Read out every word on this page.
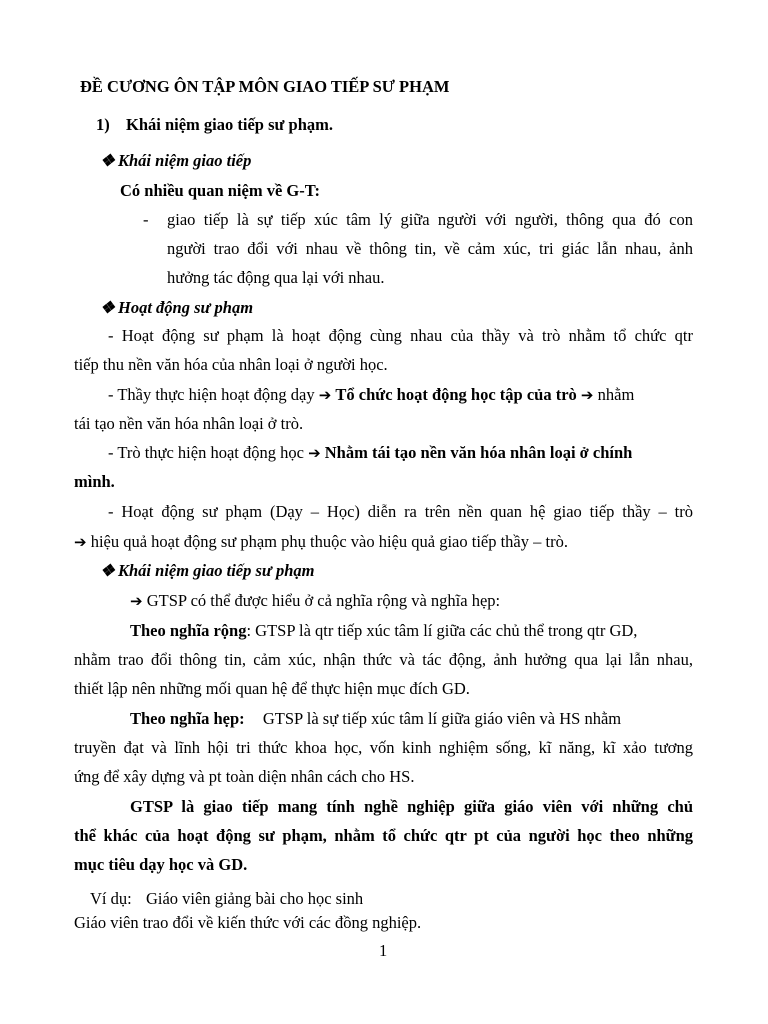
ĐỀ CƯƠNG ÔN TẬP MÔN GIAO TIẾP SƯ PHẠM
1) Khái niệm giao tiếp sư phạm.
❖ Khái niệm giao tiếp
Có nhiều quan niệm về G-T:
- giao tiếp là sự tiếp xúc tâm lý giữa người với người, thông qua đó con
người trao đổi với nhau về thông tin, về cảm xúc, tri giác lẫn nhau, ảnh
hưởng tác động qua lại với nhau.
❖ Hoạt động sư phạm
- Hoạt động sư phạm là hoạt động cùng nhau của thầy và trò nhằm tổ chức qtr
tiếp thu nền văn hóa của nhân loại ở người học.
- Thầy thực hiện hoạt động dạy ➔ Tổ chức hoạt động học tập của trò ➔ nhằm
tái tạo nền văn hóa nhân loại ở trò.
- Trò thực hiện hoạt động học ➔ Nhằm tái tạo nền văn hóa nhân loại ở chính
mình.
- Hoạt động sư phạm (Dạy – Học) diễn ra trên nền quan hệ giao tiếp thầy – trò
➔ hiệu quả hoạt động sư phạm phụ thuộc vào hiệu quả giao tiếp thầy – trò.
❖ Khái niệm giao tiếp sư phạm
➔ GTSP có thể được hiểu ở cả nghĩa rộng và nghĩa hẹp:
Theo nghĩa rộng: GTSP là qtr tiếp xúc tâm lí giữa các chủ thể trong qtr GD,
nhằm trao đổi thông tin, cảm xúc, nhận thức và tác động, ảnh hưởng qua lại lẫn nhau,
thiết lập nên những mối quan hệ để thực hiện mục đích GD.
Theo nghĩa hẹp: GTSP là sự tiếp xúc tâm lí giữa giáo viên và HS nhằm
truyền đạt và lĩnh hội tri thức khoa học, vốn kinh nghiệm sống, kĩ năng, kĩ xảo tương
ứng để xây dựng và pt toàn diện nhân cách cho HS.
GTSP là giao tiếp mang tính nghề nghiệp giữa giáo viên với những chủ
thể khác của hoạt động sư phạm, nhằm tổ chức qtr pt của người học theo những
mục tiêu dạy học và GD.
Ví dụ: Giáo viên giảng bài cho học sinh
Giáo viên trao đổi về kiến thức với các đồng nghiệp.
1
